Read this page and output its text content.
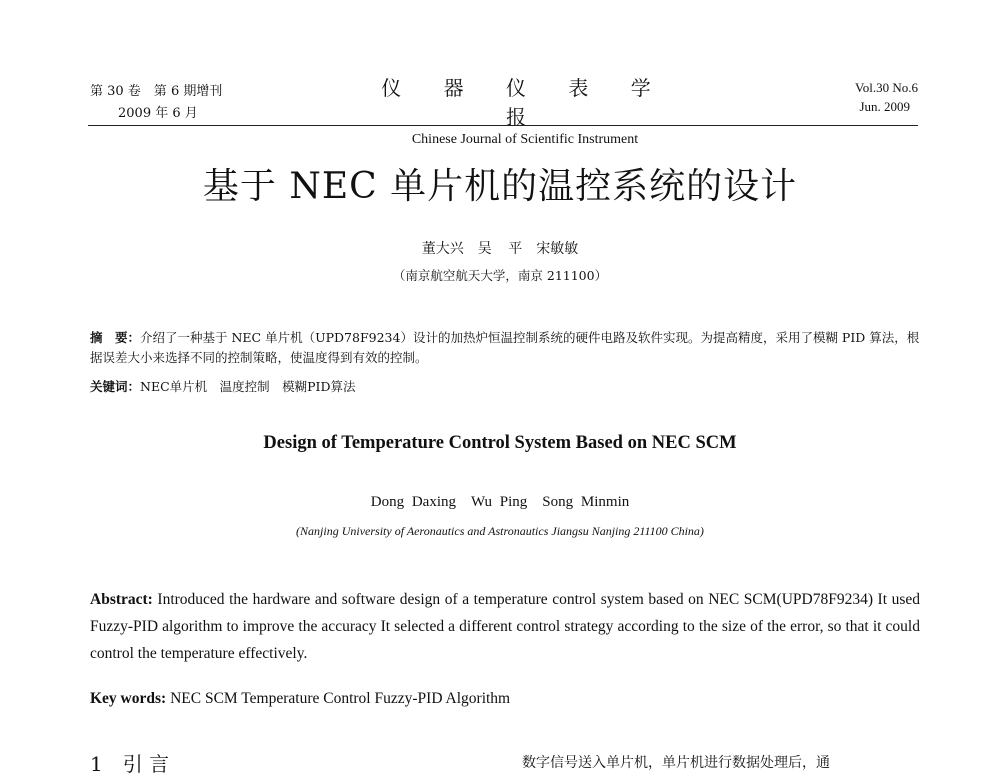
第 30 卷　第 6 期增刊
2009 年 6 月
仪 器 仪 表 学 报
Chinese Journal of Scientific Instrument
Vol.30 No.6
Jun. 2009
基于 NEC 单片机的温控系统的设计
董大兴　吴 平　宋敏敏
（南京航空航天大学，南京 211100）
摘　要：介绍了一种基于 NEC 单片机（UPD78F9234）设计的加热炉恒温控制系统的硬件电路及软件实现。为提高精度，采用了模糊 PID 算法，根据误差大小来选择不同的控制策略，使温度得到有效的控制。
关键词：NEC单片机　温度控制　模糊PID算法
Design of Temperature Control System Based on NEC SCM
Dong Daxing　Wu Ping　Song Minmin
(Nanjing University of Aeronautics and Astronautics Jiangsu Nanjing 211100 China)
Abstract: Introduced the hardware and software design of a temperature control system based on NEC SCM(UPD78F9234) It used Fuzzy-PID algorithm to improve the accuracy It selected a different control strategy according to the size of the error, so that it could control the temperature effectively.
Key words: NEC SCM Temperature Control Fuzzy-PID Algorithm
1　引 言	数字信号送入单片机，单片机进行数据处理后，通
